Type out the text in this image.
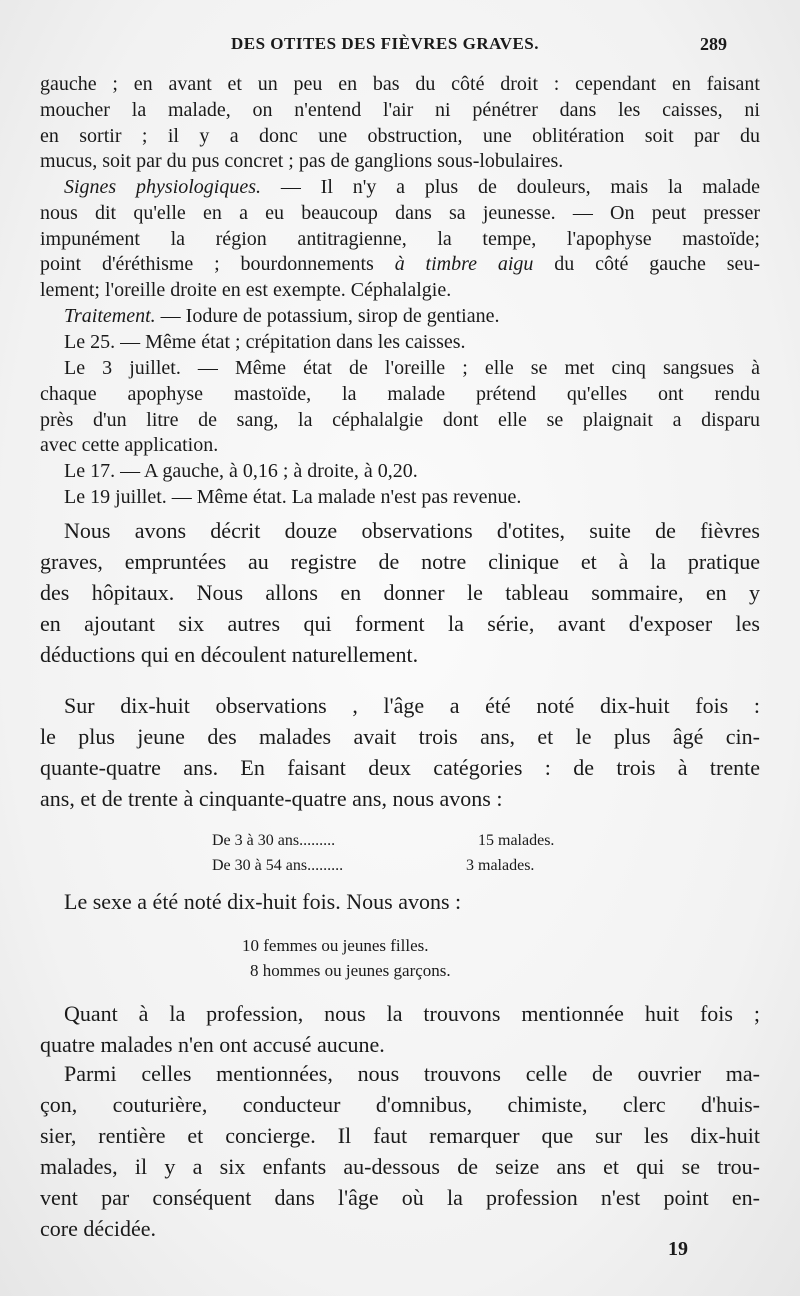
DES OTITES DES FIÈVRES GRAVES.	289
gauche ; en avant et un peu en bas du côté droit : cependant en faisant
moucher la malade, on n'entend l'air ni pénétrer dans les caisses, ni
en sortir ; il y a donc une obstruction, une oblitération soit par du
mucus, soit par du pus concret ; pas de ganglions sous-lobulaires.
Signes physiologiques. — Il n'y a plus de douleurs, mais la malade
nous dit qu'elle en a eu beaucoup dans sa jeunesse. — On peut presser
impunément la région antitragienne, la tempe, l'apophyse mastoïde;
point d'éréthisme ; bourdonnements à timbre aigu du côté gauche seu-
lement; l'oreille droite en est exempte. Céphalalgie.
Traitement. — Iodure de potassium, sirop de gentiane.
Le 25. — Même état ; crépitation dans les caisses.
Le 3 juillet. — Même état de l'oreille ; elle se met cinq sangsues à
chaque apophyse mastoïde, la malade prétend qu'elles ont rendu
près d'un litre de sang, la céphalalgie dont elle se plaignait a disparu
avec cette application.
Le 17. — A gauche, à 0,16 ; à droite, à 0,20.
Le 19 juillet. — Même état. La malade n'est pas revenue.
Nous avons décrit douze observations d'otites, suite de fièvres
graves, empruntées au registre de notre clinique et à la pratique
des hôpitaux. Nous allons en donner le tableau sommaire, en y
en ajoutant six autres qui forment la série, avant d'exposer les
déductions qui en découlent naturellement.
Sur dix-huit observations , l'âge a été noté dix-huit fois :
le plus jeune des malades avait trois ans, et le plus âgé cin-
quante-quatre ans. En faisant deux catégories : de trois à trente
ans, et de trente à cinquante-quatre ans, nous avons :
De 3 à 30 ans.........	15 malades.
De 30 à 54 ans.........	3 malades.
Le sexe a été noté dix-huit fois. Nous avons :
10 femmes ou jeunes filles.
8 hommes ou jeunes garçons.
Quant à la profession, nous la trouvons mentionnée huit fois ;
quatre malades n'en ont accusé aucune.
Parmi celles mentionnées, nous trouvons celle de ouvrier ma-
çon, couturière, conducteur d'omnibus, chimiste, clerc d'huis-
sier, rentière et concierge. Il faut remarquer que sur les dix-huit
malades, il y a six enfants au-dessous de seize ans et qui se trou-
vent par conséquent dans l'âge où la profession n'est point en-
core décidée.
19
